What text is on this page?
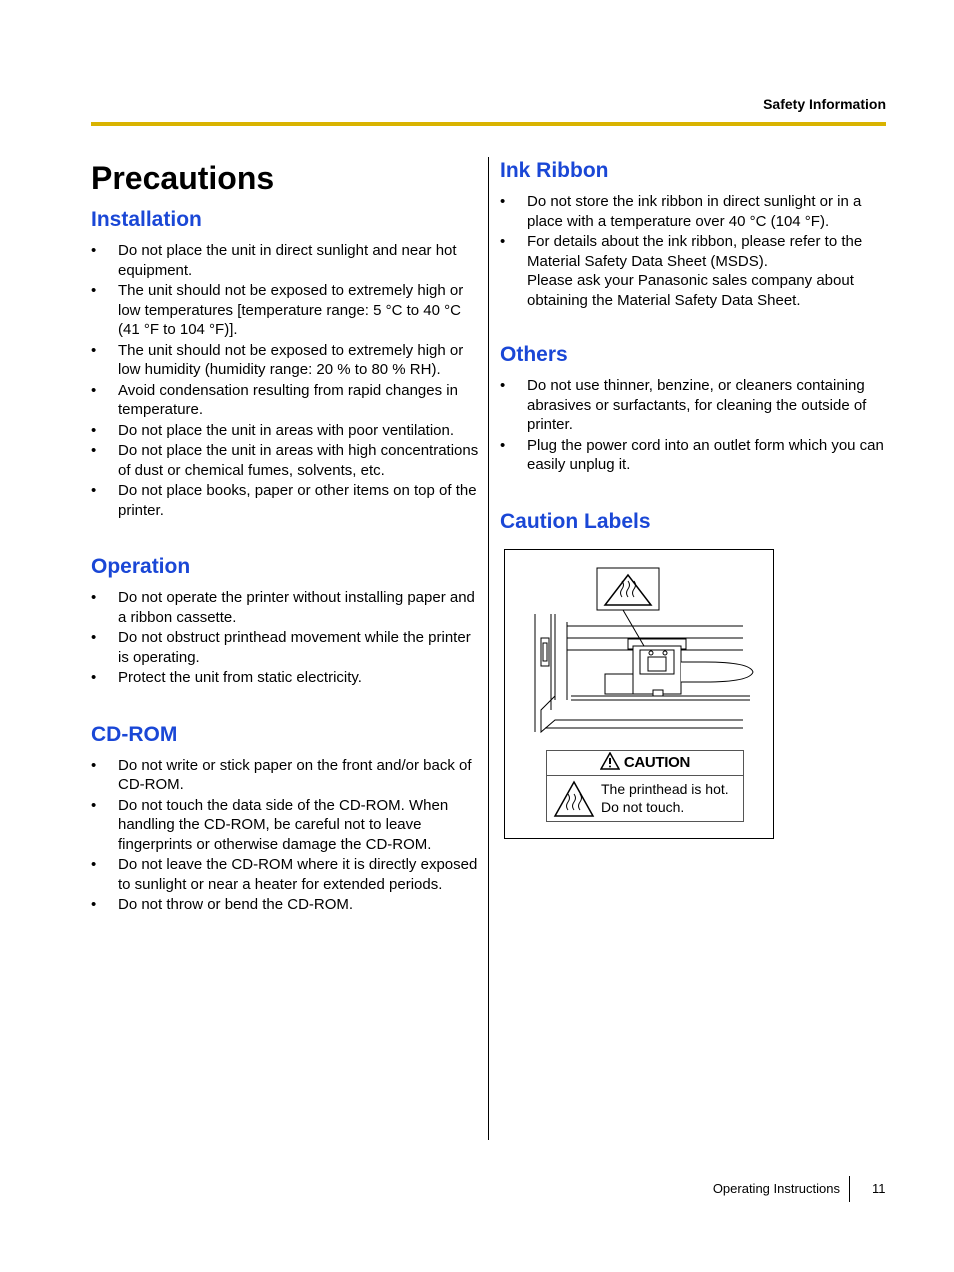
Safety Information
Precautions
Installation
• Do not place the unit in direct sunlight and near hot equipment.
• The unit should not be exposed to extremely high or low temperatures [temperature range: 5 °C to 40 °C (41 °F to 104 °F)].
• The unit should not be exposed to extremely high or low humidity (humidity range: 20 % to 80 % RH).
• Avoid condensation resulting from rapid changes in temperature.
• Do not place the unit in areas with poor ventilation.
• Do not place the unit in areas with high concentrations of dust or chemical fumes, solvents, etc.
• Do not place books, paper or other items on top of the printer.
Operation
• Do not operate the printer without installing paper and a ribbon cassette.
• Do not obstruct printhead movement while the printer is operating.
• Protect the unit from static electricity.
CD-ROM
• Do not write or stick paper on the front and/or back of CD-ROM.
• Do not touch the data side of the CD-ROM. When handling the CD-ROM, be careful not to leave fingerprints or otherwise damage the CD-ROM.
• Do not leave the CD-ROM where it is directly exposed to sunlight or near a heater for extended periods.
• Do not throw or bend the CD-ROM.
Ink Ribbon
• Do not store the ink ribbon in direct sunlight or in a place with a temperature over 40 °C (104 °F).
• For details about the ink ribbon, please refer to the Material Safety Data Sheet (MSDS).
Please ask your Panasonic sales company about obtaining the Material Safety Data Sheet.
Others
• Do not use thinner, benzine, or cleaners containing abrasives or surfactants, for cleaning the outside of printer.
• Plug the power cord into an outlet form which you can easily unplug it.
Caution Labels
CAUTION
The printhead is hot.
Do not touch.
Operating Instructions 11
